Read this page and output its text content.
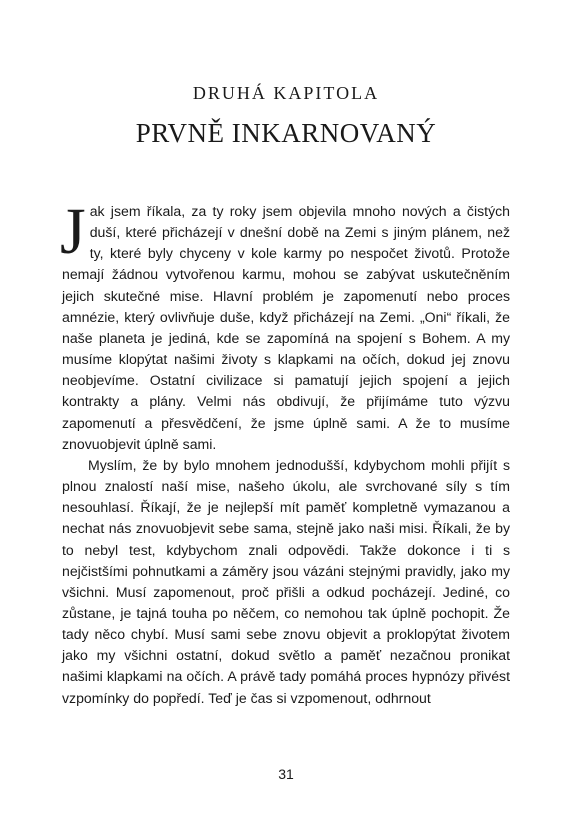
DRUHÁ KAPITOLA
PRVNĚ INKARNOVANÝ

Jak jsem říkala, za ty roky jsem objevila mnoho nových a čistých duší, které přicházejí v dnešní době na Zemi s jiným plánem, než ty, které byly chyceny v kole karmy po nespočet životů. Protože nemají žádnou vytvořenou karmu, mohou se zabývat uskutečněním jejich skutečné mise. Hlavní problém je zapomenutí nebo proces amnézie, který ovlivňuje duše, když přicházejí na Zemi. „Oni“ říkali, že naše planeta je jediná, kde se zapomíná na spojení s Bohem. A my musíme klopýtat našimi životy s klapkami na očích, dokud jej znovu neobjevíme. Ostatní civilizace si pamatují jejich spojení a jejich kontrakty a plány. Velmi nás obdivují, že přijímáme tuto výzvu zapomenutí a přesvědčení, že jsme úplně sami. A že to musíme znovuobjevit úplně sami.

Myslím, že by bylo mnohem jednodušší, kdybychom mohli přijít s plnou znalostí naší mise, našeho úkolu, ale svrchované síly s tím nesouhlasí. Říkají, že je nejlepší mít paměť kompletně vymazanou a nechat nás znovuobjevit sebe sama, stejně jako naši misi. Říkali, že by to nebyl test, kdybychom znali odpovědi. Takže dokonce i ti s nejčistšími pohnutkami a záměry jsou vázáni stejnými pravidly, jako my všichni. Musí zapomenout, proč přišli a odkud pocházejí. Jediné, co zůstane, je tajná touha po něčem, co nemohou tak úplně pochopit. Že tady něco chybí. Musí sami sebe znovu objevit a proklopýtat životem jako my všichni ostatní, dokud světlo a paměť nezačnou pronikat našimi klapkami na očích. A právě tady pomáhá proces hypnózy přivést vzpomínky do popředí. Teď je čas si vzpomenout, odhrnout

31
